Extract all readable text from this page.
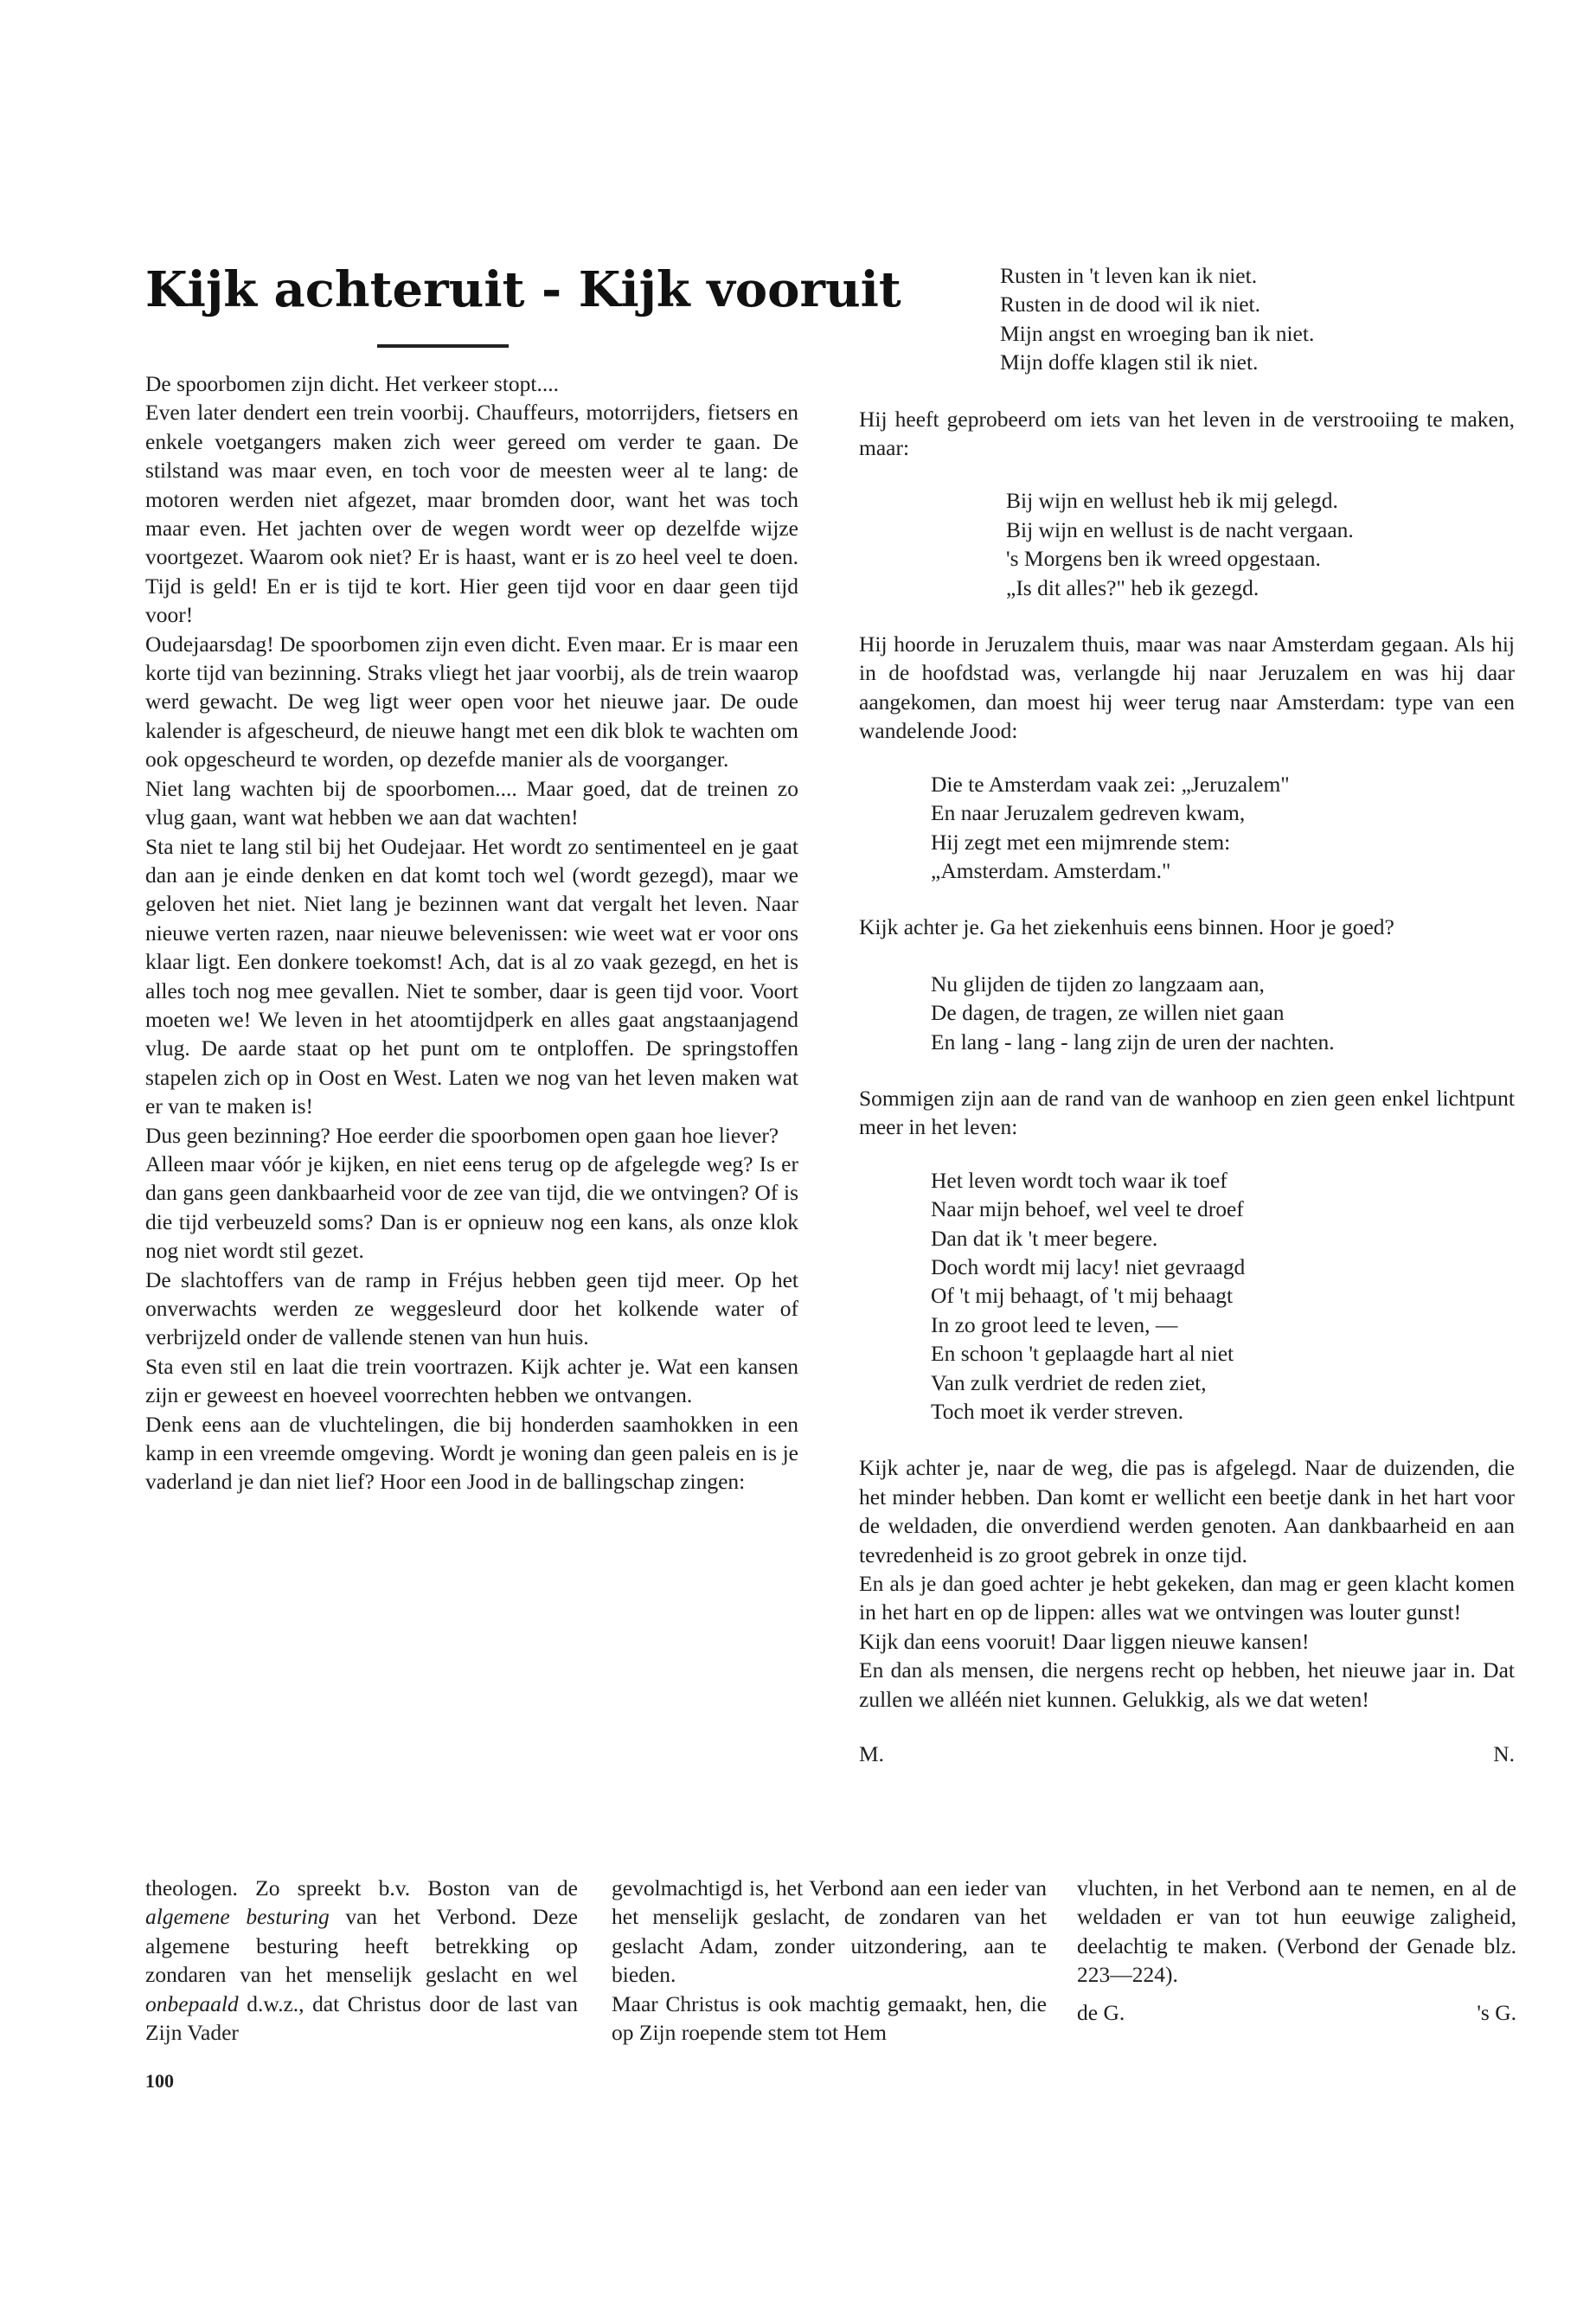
Kijk achteruit - Kijk vooruit

De spoorbomen zijn dicht. Het verkeer stopt....

Even later dendert een trein voorbij. Chauffeurs, motorrijders, fietsers en enkele voetgangers maken zich weer gereed om verder te gaan. De stilstand was maar even, en toch voor de meesten weer al te lang: de motoren werden niet afgezet, maar bromden door, want het was toch maar even. Het jachten over de wegen wordt weer op dezelfde wijze voortgezet. Waarom ook niet? Er is haast, want er is zo heel veel te doen. Tijd is geld! En er is tijd te kort. Hier geen tijd voor en daar geen tijd voor!

Oudejaarsdag! De spoorbomen zijn even dicht. Even maar. Er is maar een korte tijd van bezinning. Straks vliegt het jaar voorbij, als de trein waarop werd gewacht. De weg ligt weer open voor het nieuwe jaar. De oude kalender is afgescheurd, de nieuwe hangt met een dik blok te wachten om ook opgescheurd te worden, op dezefde manier als de voorganger.

Niet lang wachten bij de spoorbomen.... Maar goed, dat de treinen zo vlug gaan, want wat hebben we aan dat wachten!

Sta niet te lang stil bij het Oudejaar. Het wordt zo sentimenteel en je gaat dan aan je einde denken en dat komt toch wel (wordt gezegd), maar we geloven het niet. Niet lang je bezinnen want dat vergalt het leven. Naar nieuwe verten razen, naar nieuwe belevenissen: wie weet wat er voor ons klaar ligt. Een donkere toekomst! Ach, dat is al zo vaak gezegd, en het is alles toch nog mee gevallen. Niet te somber, daar is geen tijd voor. Voort moeten we! We leven in het atoomtijdperk en alles gaat angstaanjagend vlug. De aarde staat op het punt om te ontploffen. De springstoffen stapelen zich op in Oost en West. Laten we nog van het leven maken wat er van te maken is!

Dus geen bezinning? Hoe eerder die spoorbomen open gaan hoe liever?

Alleen maar vóór je kijken, en niet eens terug op de afgelegde weg? Is er dan gans geen dankbaarheid voor de zee van tijd, die we ontvingen? Of is die tijd verbeuzeld soms? Dan is er opnieuw nog een kans, als onze klok nog niet wordt stil gezet.

De slachtoffers van de ramp in Fréjus hebben geen tijd meer. Op het onverwachts werden ze weggesleurd door het kolkende water of verbrijzeld onder de vallende stenen van hun huis.

Sta even stil en laat die trein voortrazen. Kijk achter je. Wat een kansen zijn er geweest en hoeveel voorrechten hebben we ontvangen.

Denk eens aan de vluchtelingen, die bij honderden saamhokken in een kamp in een vreemde omgeving. Wordt je woning dan geen paleis en is je vaderland je dan niet lief? Hoor een Jood in de ballingschap zingen:

Rusten in 't leven kan ik niet.
Rusten in de dood wil ik niet.
Mijn angst en wroeging ban ik niet.
Mijn doffe klagen stil ik niet.

Hij heeft geprobeerd om iets van het leven in de verstrooiing te maken, maar:

Bij wijn en wellust heb ik mij gelegd.
Bij wijn en wellust is de nacht vergaan.
's Morgens ben ik wreed opgestaan.
„Is dit alles?" heb ik gezegd.

Hij hoorde in Jeruzalem thuis, maar was naar Amsterdam gegaan. Als hij in de hoofdstad was, verlangde hij naar Jeruzalem en was hij daar aangekomen, dan moest hij weer terug naar Amsterdam: type van een wandelende Jood:

Die te Amsterdam vaak zei: „Jeruzalem"
En naar Jeruzalem gedreven kwam,
Hij zegt met een mijmrende stem:
„Amsterdam. Amsterdam."

Kijk achter je. Ga het ziekenhuis eens binnen. Hoor je goed?

Nu glijden de tijden zo langzaam aan,
De dagen, de tragen, ze willen niet gaan
En lang - lang - lang zijn de uren der nachten.

Sommigen zijn aan de rand van de wanhoop en zien geen enkel lichtpunt meer in het leven:

Het leven wordt toch waar ik toef
Naar mijn behoef, wel veel te droef
Dan dat ik 't meer begere.
Doch wordt mij lacy! niet gevraagd
Of 't mij behaagt, of 't mij behaagt
In zo groot leed te leven, —
En schoon 't geplaagde hart al niet
Van zulk verdriet de reden ziet,
Toch moet ik verder streven.

Kijk achter je, naar de weg, die pas is afgelegd. Naar de duizenden, die het minder hebben. Dan komt er wellicht een beetje dank in het hart voor de weldaden, die onverdiend werden genoten. Aan dankbaarheid en aan tevredenheid is zo groot gebrek in onze tijd.

En als je dan goed achter je hebt gekeken, dan mag er geen klacht komen in het hart en op de lippen: alles wat we ontvingen was louter gunst!

Kijk dan eens vooruit! Daar liggen nieuwe kansen!

En dan als mensen, die nergens recht op hebben, het nieuwe jaar in. Dat zullen we alléén niet kunnen. Gelukkig, als we dat weten!

M.	N.

theologen. Zo spreekt b.v. Boston van de algemene besturing van het Verbond. Deze algemene besturing heeft betrekking op zondaren van het menselijk geslacht en wel onbepaald d.w.z., dat Christus door de last van Zijn Vader

gevolmachtigd is, het Verbond aan een ieder van het menselijk geslacht, de zondaren van het geslacht Adam, zonder uitzondering, aan te bieden.

Maar Christus is ook machtig gemaakt, hen, die op Zijn roepende stem tot Hem

vluchten, in het Verbond aan te nemen, en al de weldaden er van tot hun eeuwige zaligheid, deelachtig te maken. (Verbond der Genade blz. 223—224).

de G.	's G.
100
